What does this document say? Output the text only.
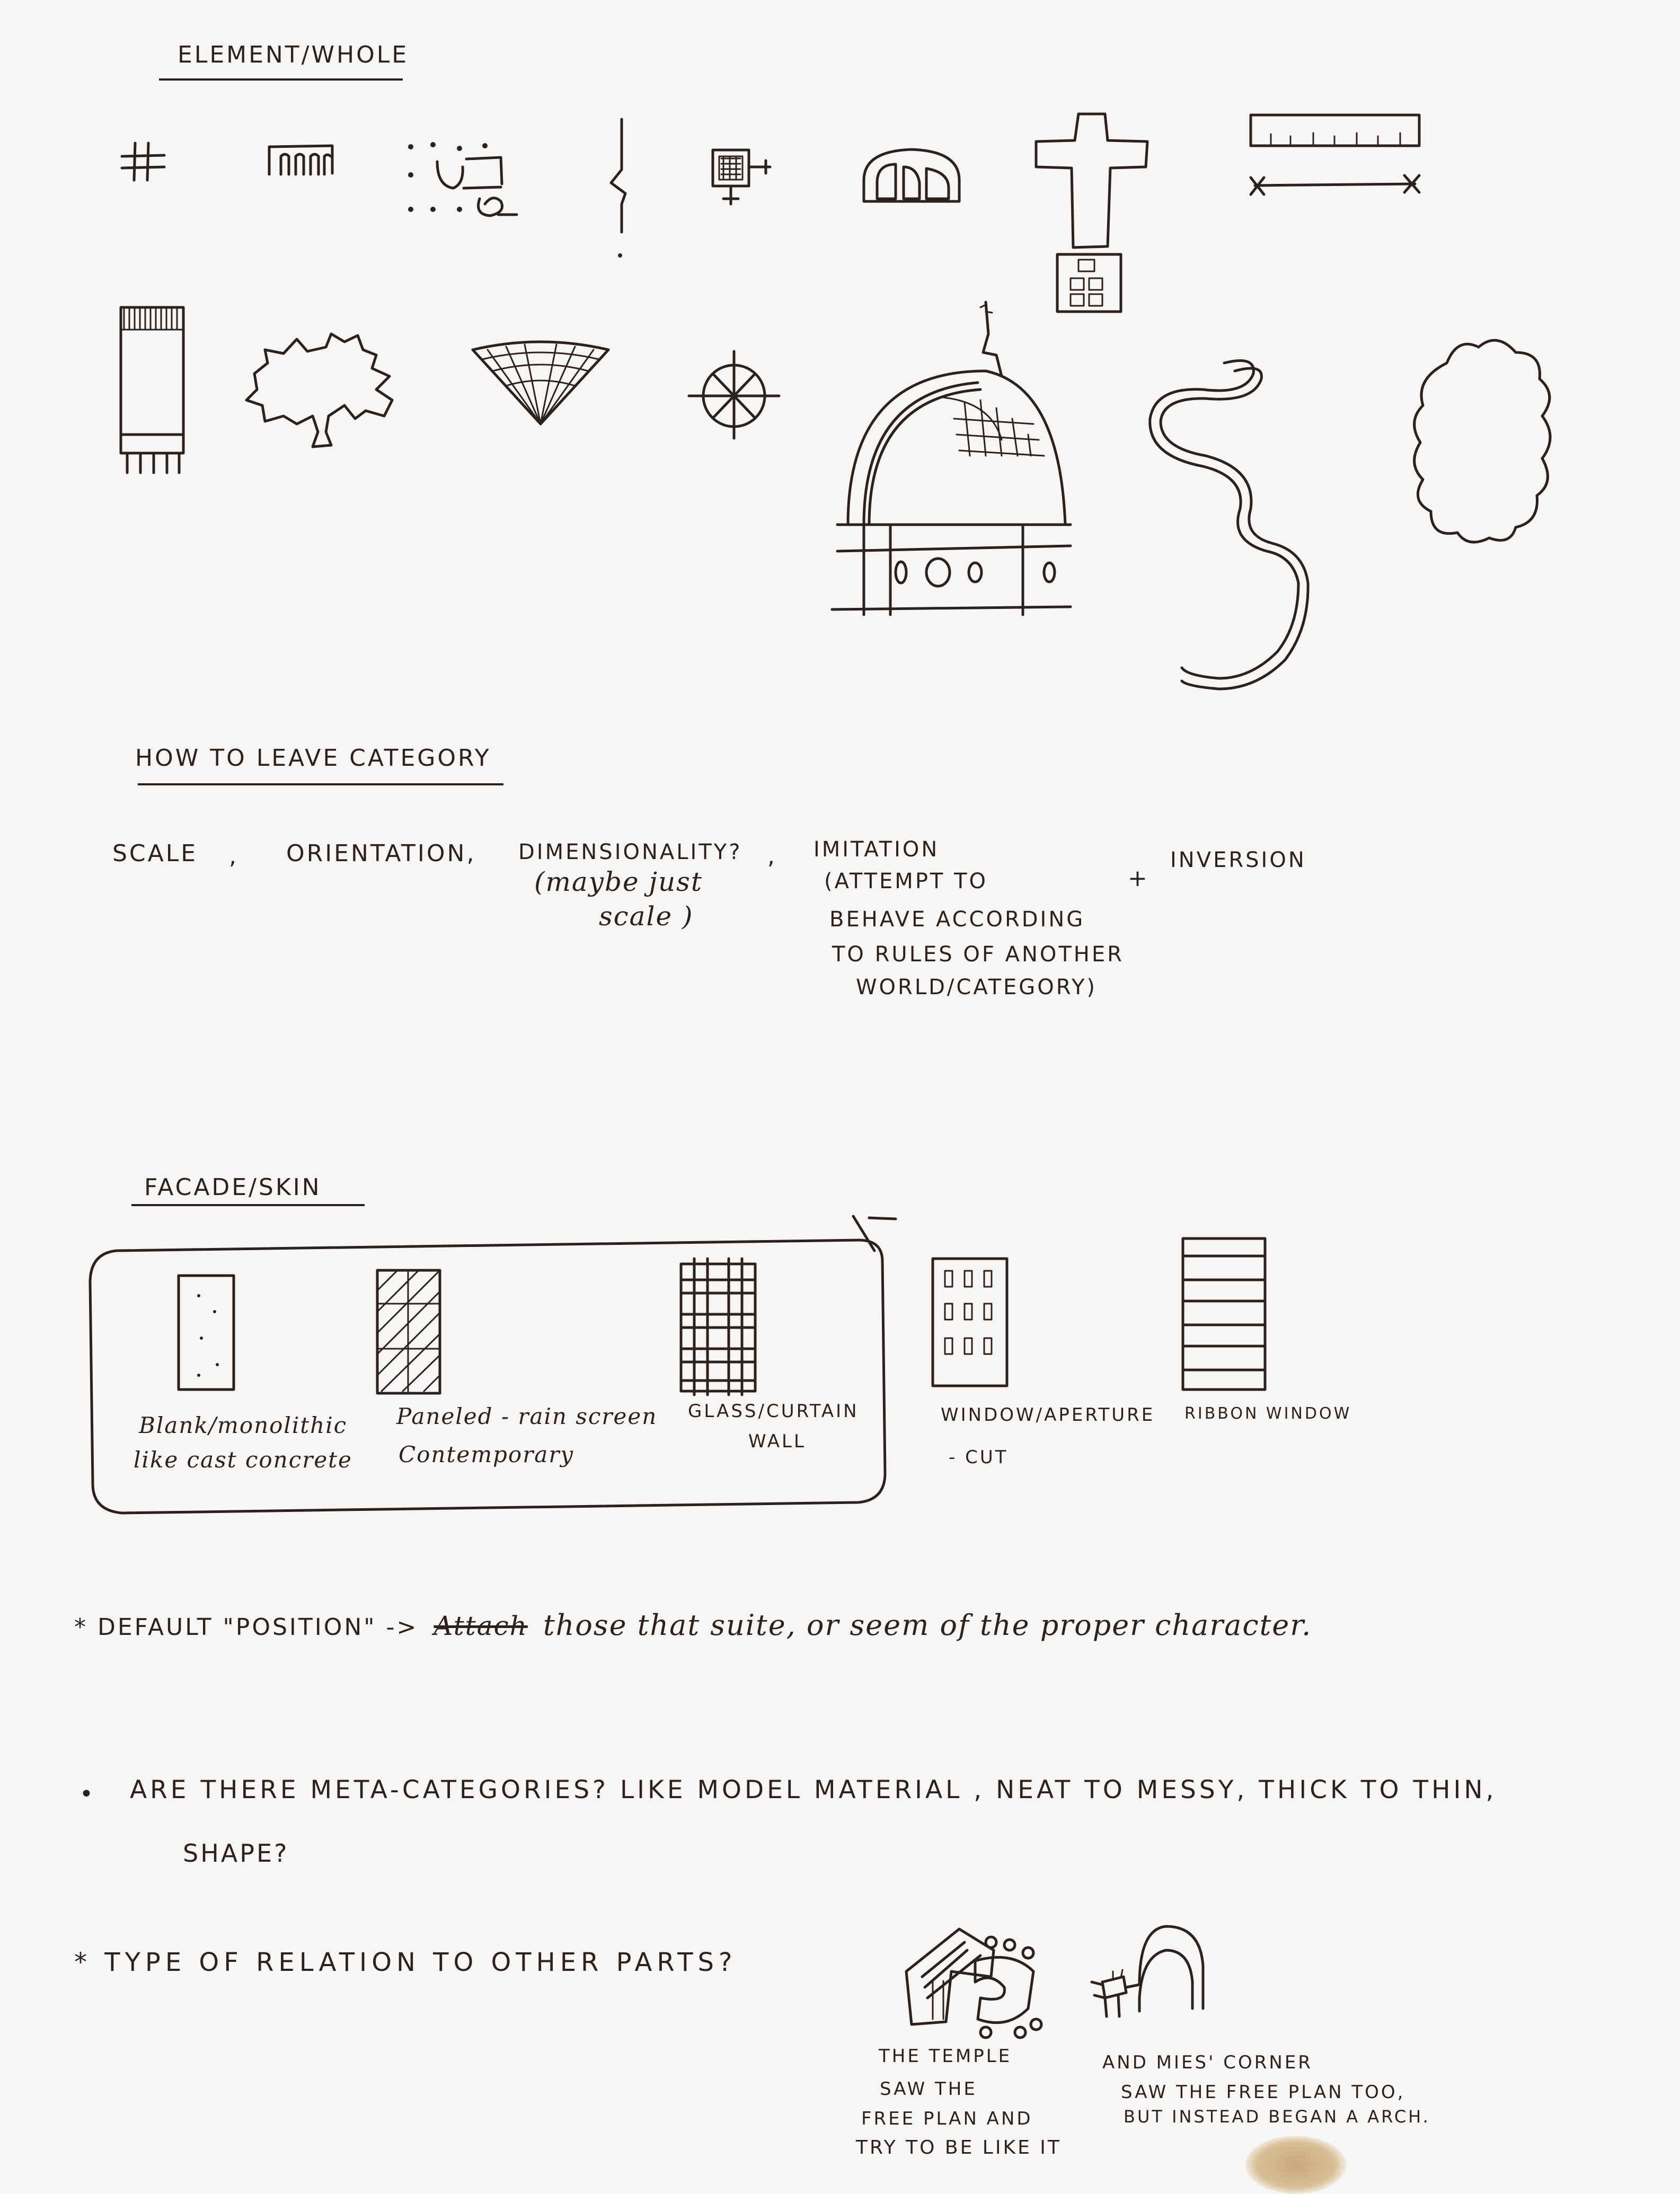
ELEMENT/WHOLE
HOW TO LEAVE CATEGORY
SCALE , ORIENTATION, DIMENSIONALITY?
(maybe just
scale )
, IMITATION
(ATTEMPT TO
BEHAVE ACCORDING
TO RULES OF ANOTHER
WORLD/CATEGORY)
+
INVERSION
FACADE/SKIN
Blank/monolithic
like cast concrete
Paneled - rain screen
Contemporary
GLASS/CURTAIN
WALL
WINDOW/APERTURE
- CUT
RIBBON WINDOW
* DEFAULT "POSITION" -> Attach those that suite, or seem of the proper character.
• ARE THERE META-CATEGORIES? LIKE MODEL MATERIAL , NEAT TO MESSY, THICK TO THIN,
SHAPE?
* TYPE OF RELATION TO OTHER PARTS?
THE TEMPLE
SAW THE
FREE PLAN AND
TRY TO BE LIKE IT
AND MIES' CORNER
SAW THE FREE PLAN TOO,
BUT INSTEAD BEGAN A ARCH.
